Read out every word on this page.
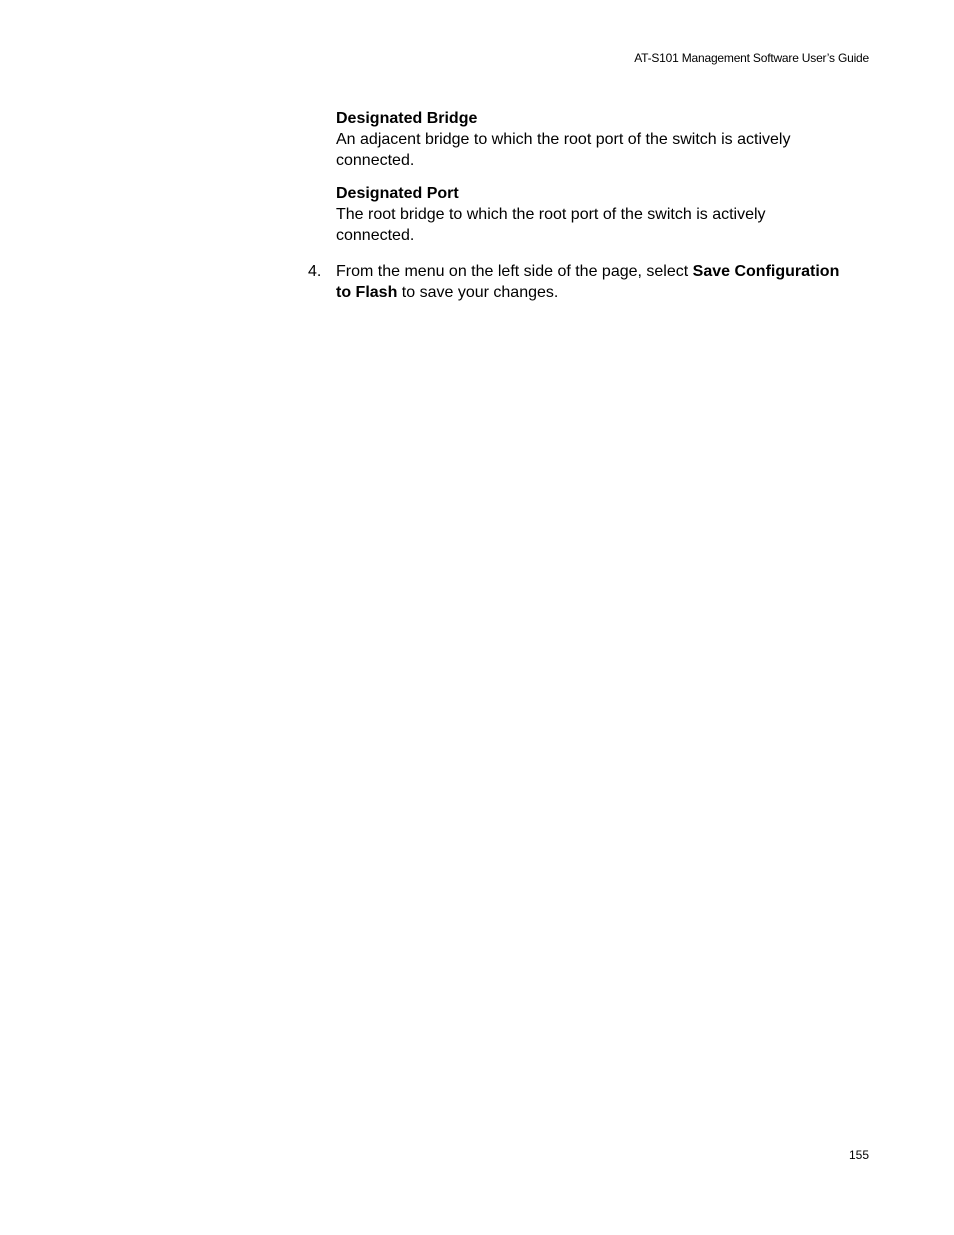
AT-S101 Management Software User’s Guide
Designated Bridge
An adjacent bridge to which the root port of the switch is actively
connected.
Designated Port
The root bridge to which the root port of the switch is actively
connected.
4. From the menu on the left side of the page, select Save Configuration
to Flash to save your changes.
155
